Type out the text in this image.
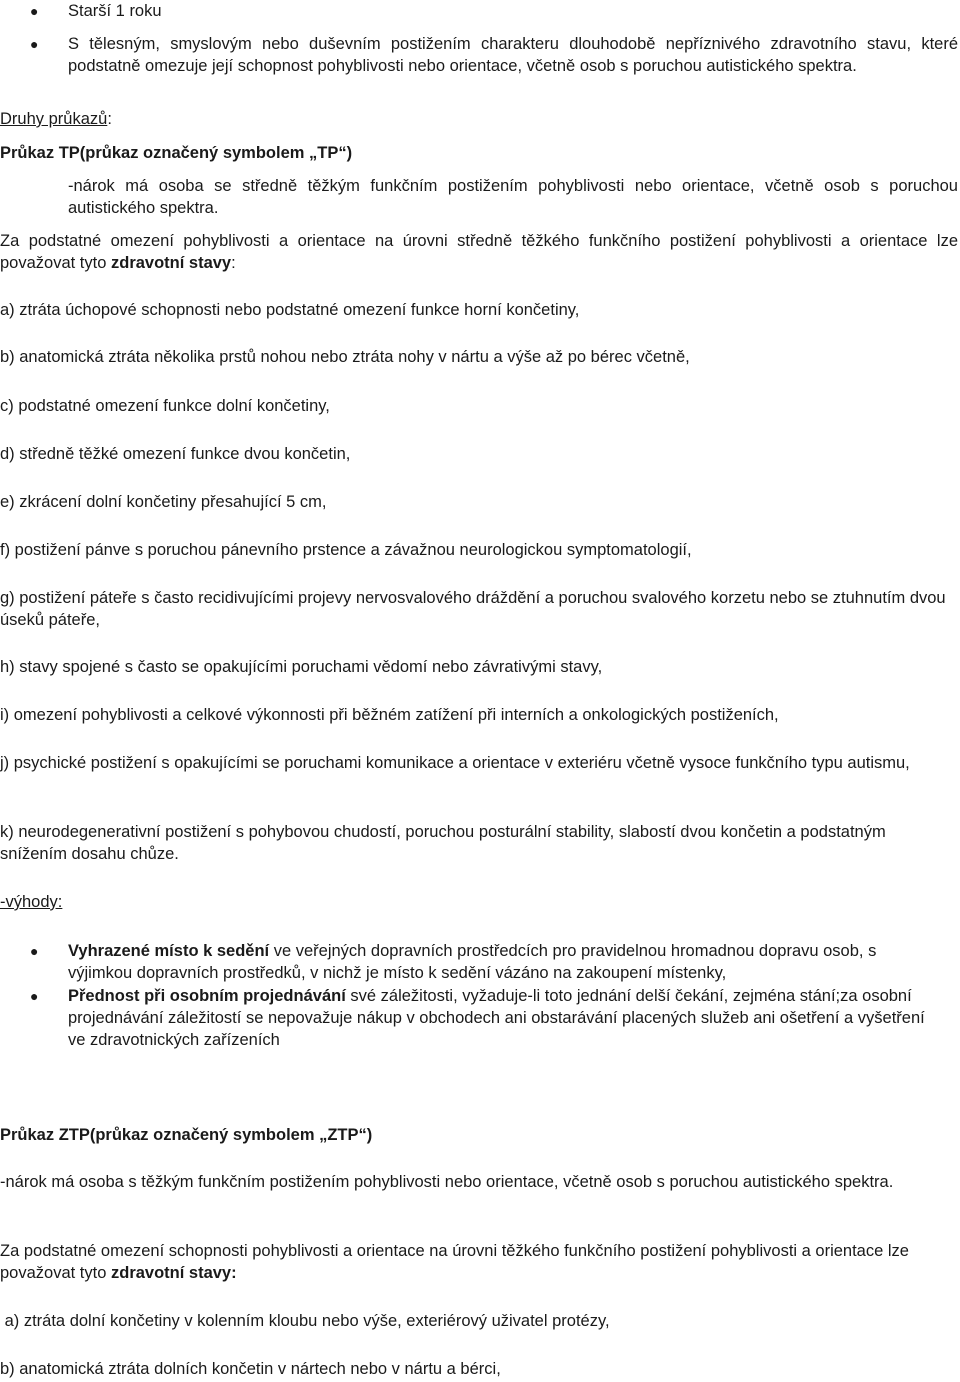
● Starší 1 roku
● S tělesným, smyslovým nebo duševním postižením charakteru dlouhodobě nepříznivého zdravotního stavu, které podstatně omezuje její schopnost pohyblivosti nebo orientace, včetně osob s poruchou autistického spektra.
Druhy průkazů:
Průkaz TP(průkaz označený symbolem „TP“)
-nárok má osoba se středně těžkým funkčním postižením pohyblivosti nebo orientace, včetně osob s poruchou autistického spektra.
Za podstatné omezení pohyblivosti a orientace na úrovni středně těžkého funkčního postižení pohyblivosti a orientace lze považovat tyto zdravotní stavy:
a) ztráta úchopové schopnosti nebo podstatné omezení funkce horní končetiny,
b) anatomická ztráta několika prstů nohou nebo ztráta nohy v nártu a výše až po bérec včetně,
c) podstatné omezení funkce dolní končetiny,
d) středně těžké omezení funkce dvou končetin,
e) zkrácení dolní končetiny přesahující 5 cm,
f) postižení pánve s poruchou pánevního prstence a závažnou neurologickou symptomatologií,
g) postižení páteře s často recidivujícími projevy nervosvalového dráždění a poruchou svalového korzetu nebo se ztuhnutím dvou úseků páteře,
h) stavy spojené s často se opakujícími poruchami vědomí nebo závrativými stavy,
i) omezení pohyblivosti a celkové výkonnosti při běžném zatížení při interních a onkologických postiženích,
j) psychické postižení s opakujícími se poruchami komunikace a orientace v exteriéru včetně vysoce funkčního typu autismu,
k) neurodegenerativní postižení s pohybovou chudostí, poruchou posturální stability, slabostí dvou končetin a podstatným snížením dosahu chůze.
-výhody:
● Vyhrazené místo k sedění ve veřejných dopravních prostředcích pro pravidelnou hromadnou dopravu osob, s výjimkou dopravních prostředků, v nichž je místo k sedění vázáno na zakoupení místenky,
● Přednost při osobním projednávání své záležitosti, vyžaduje-li toto jednání delší čekání, zejména stání;za osobní projednávání záležitostí se nepovažuje nákup v obchodech ani obstarávání placených služeb ani ošetření a vyšetření ve zdravotnických zařízeních
Průkaz ZTP(průkaz označený symbolem „ZTP“)
-nárok má osoba s těžkým funkčním postižením pohyblivosti nebo orientace, včetně osob s poruchou autistického spektra.
Za podstatné omezení schopnosti pohyblivosti a orientace na úrovni těžkého funkčního postižení pohyblivosti a orientace lze považovat tyto zdravotní stavy:
a) ztráta dolní končetiny v kolenním kloubu nebo výše, exteriérový uživatel protézy,
b) anatomická ztráta dolních končetin v nártech nebo v nártu a bérci,
